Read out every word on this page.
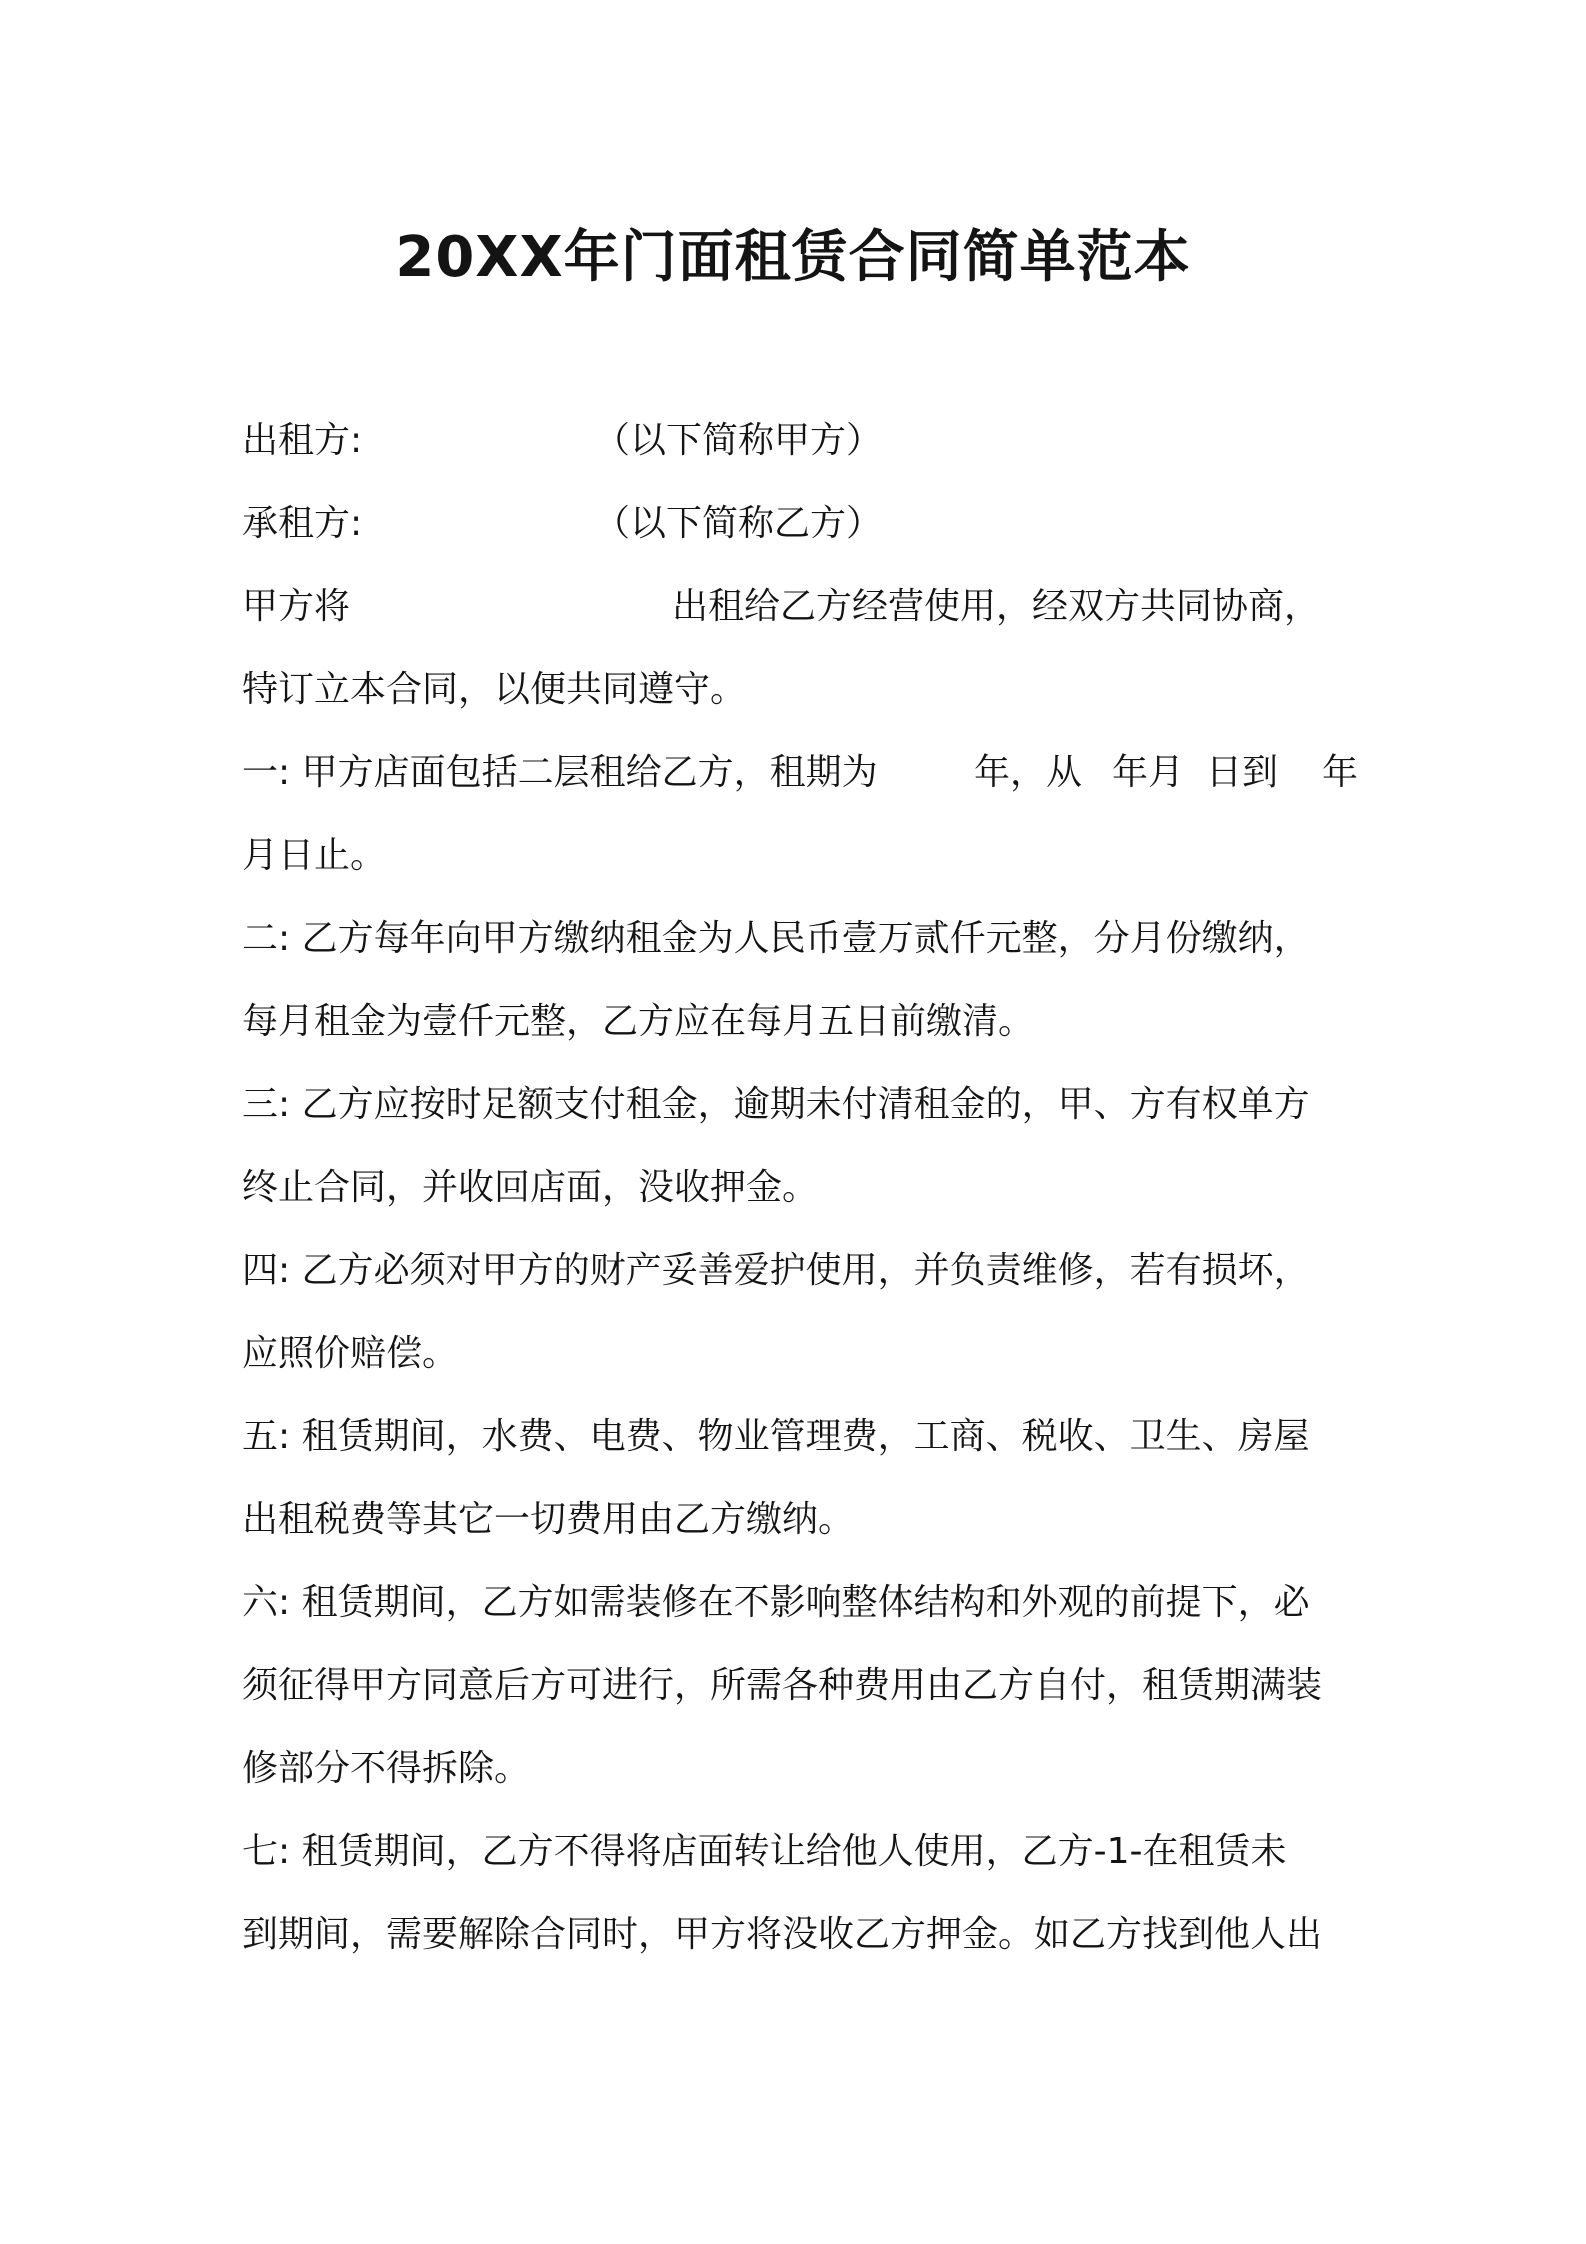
20XX年门面租赁合同简单范本
出租方:	（以下简称甲方）
承租方:	（以下简称乙方）
甲方将	出租给乙方经营使用，经双方共同协商，
特订立本合同，以便共同遵守。
一: 甲方店面包括二层租给乙方，租期为	年，从 年月 日到 年
月日止。
二: 乙方每年向甲方缴纳租金为人民币壹万贰仟元整，分月份缴纳，
每月租金为壹仟元整，乙方应在每月五日前缴清。
三: 乙方应按时足额支付租金，逾期未付清租金的，甲、方有权单方
终止合同，并收回店面，没收押金。
四: 乙方必须对甲方的财产妥善爱护使用，并负责维修，若有损坏，
应照价赔偿。
五: 租赁期间，水费、电费、物业管理费，工商、税收、卫生、房屋
出租税费等其它一切费用由乙方缴纳。
六: 租赁期间，乙方如需装修在不影响整体结构和外观的前提下，必
须征得甲方同意后方可进行，所需各种费用由乙方自付，租赁期满装
修部分不得拆除。
七: 租赁期间，乙方不得将店面转让给他人使用，乙方-1-在租赁未
到期间，需要解除合同时，甲方将没收乙方押金。如乙方找到他人出
